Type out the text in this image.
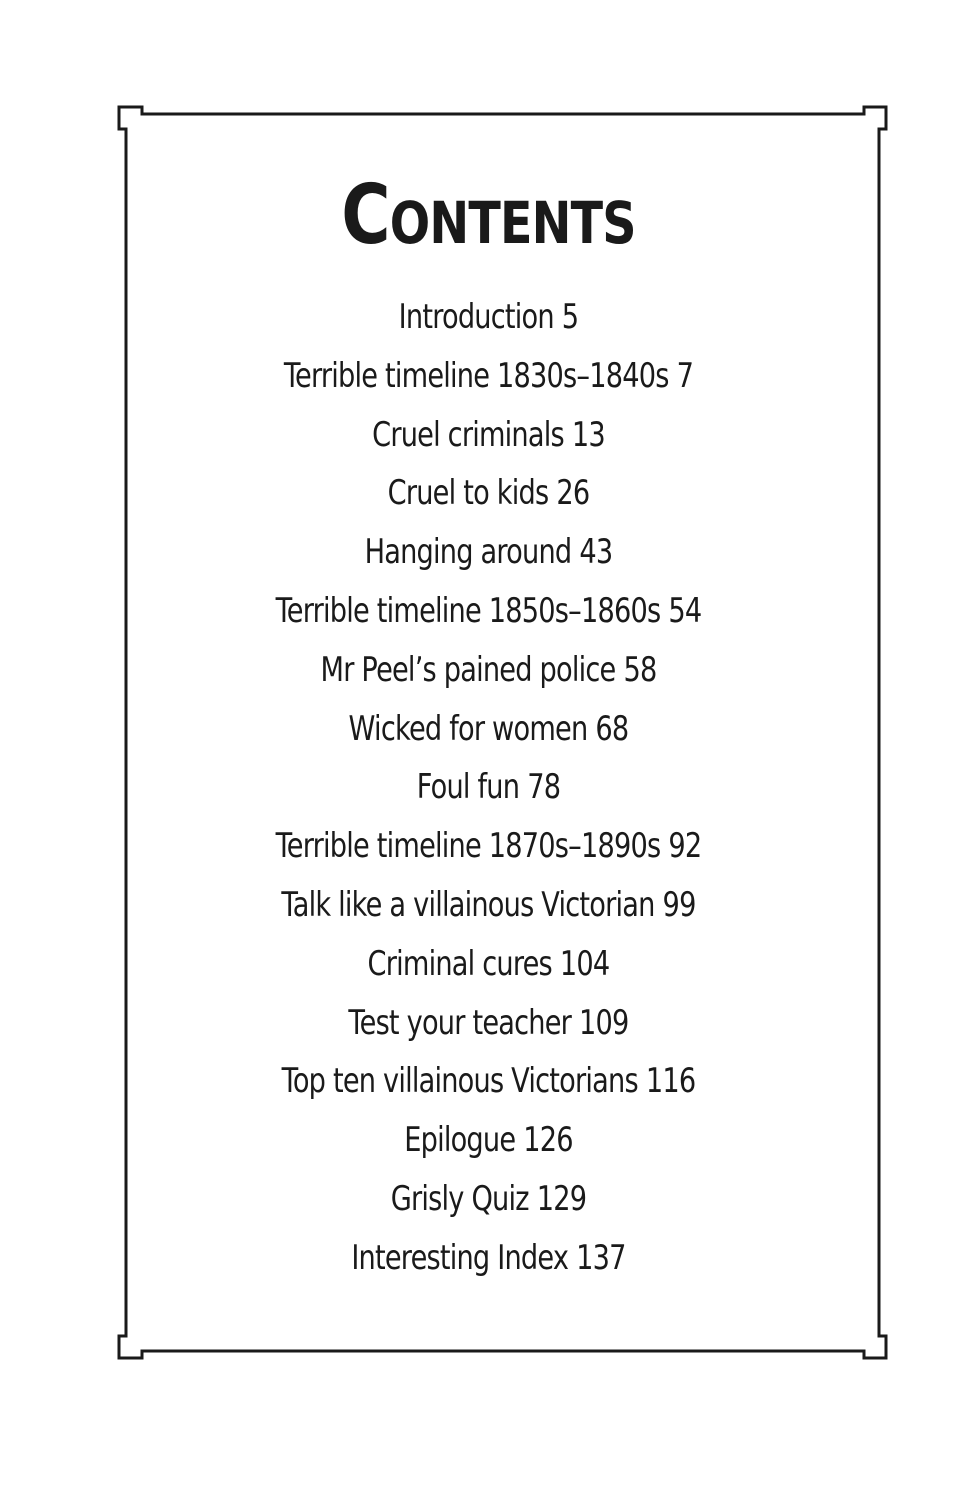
CONTENTS
Introduction 5
Terrible timeline 1830s–1840s 7
Cruel criminals 13
Cruel to kids 26
Hanging around 43
Terrible timeline 1850s–1860s 54
Mr Peel’s pained police 58
Wicked for women 68
Foul fun 78
Terrible timeline 1870s–1890s 92
Talk like a villainous Victorian 99
Criminal cures 104
Test your teacher 109
Top ten villainous Victorians 116
Epilogue 126
Grisly Quiz 129
Interesting Index 137
